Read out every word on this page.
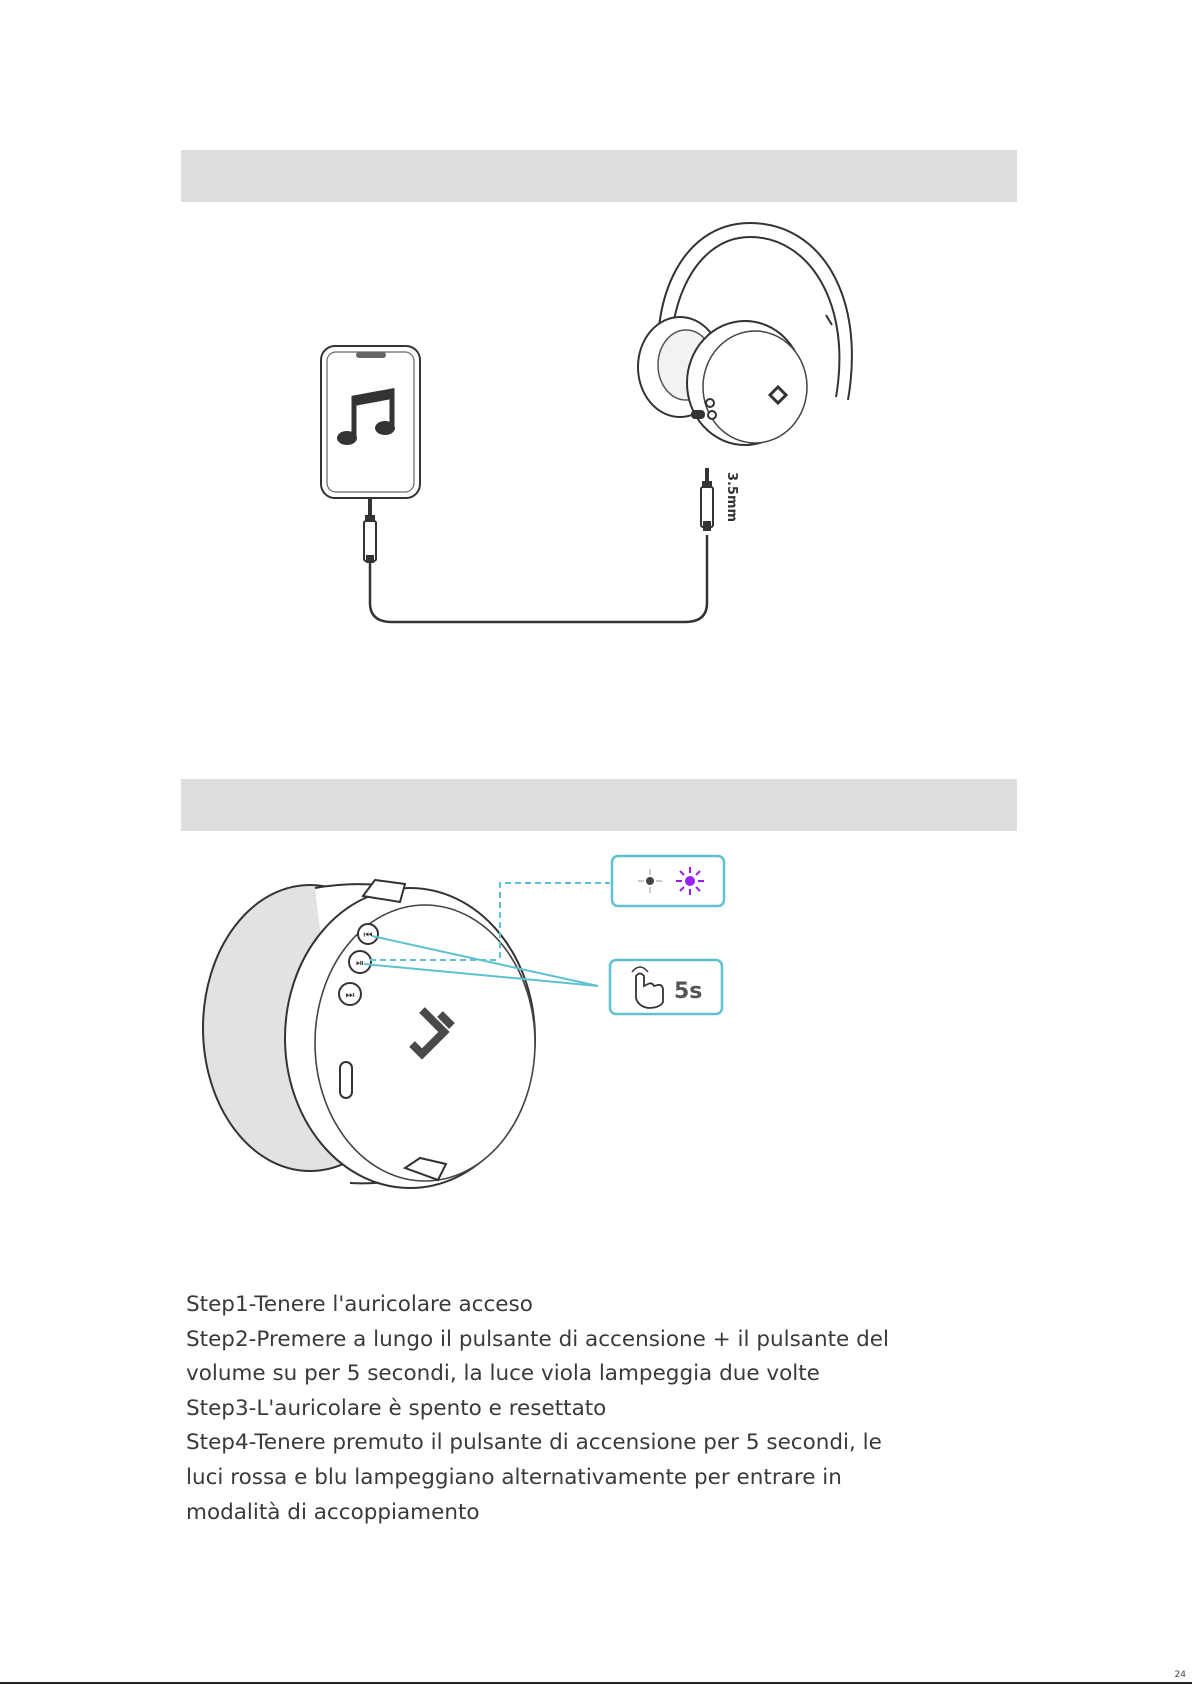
3.5mm
⏮
⏯
⏭	5s

Step1-Tenere l'auricolare acceso

Step2-Premere a lungo il pulsante di accensione + il pulsante del

volume su per 5 secondi, la luce viola lampeggia due volte

Step3-L'auricolare è spento e resettato

Step4-Tenere premuto il pulsante di accensione per 5 secondi, le

luci rossa e blu lampeggiano alternativamente per entrare in

modalità di accoppiamento

24
